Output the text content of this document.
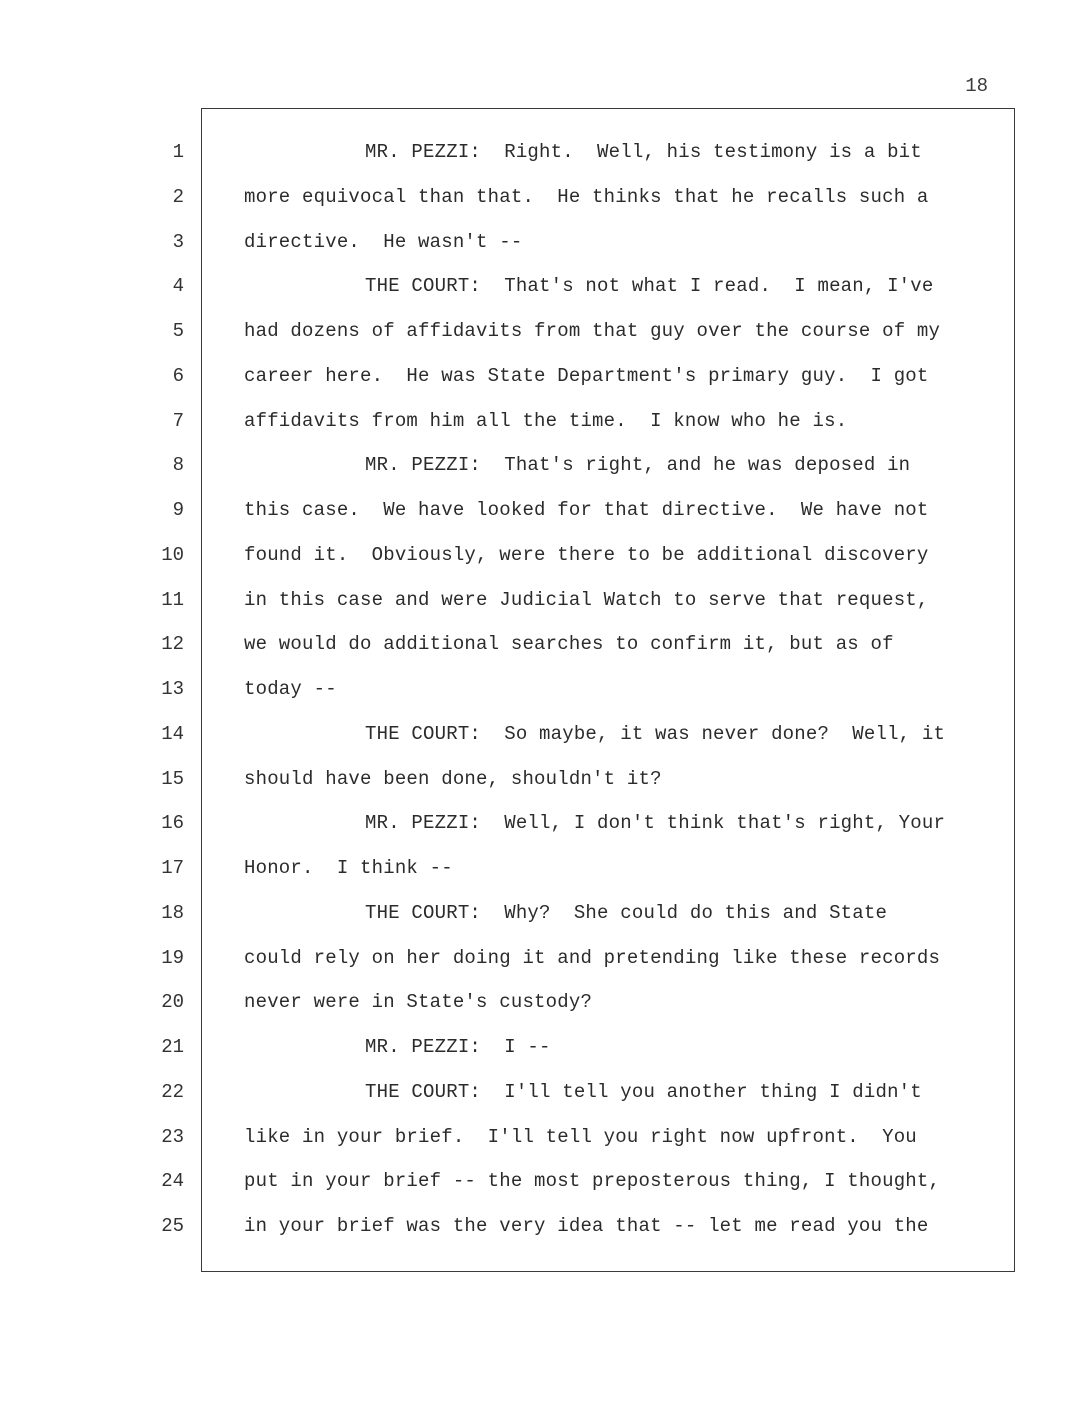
18
1
2
3
4
5
6
7
8
9
10
11
12
13
14
15
16
17
18
19
20
21
22
23
24
25
MR. PEZZI:  Right.  Well, his testimony is a bit
more equivocal than that.  He thinks that he recalls such a
directive.  He wasn't --
THE COURT:  That's not what I read.  I mean, I've
had dozens of affidavits from that guy over the course of my
career here.  He was State Department's primary guy.  I got
affidavits from him all the time.  I know who he is.
MR. PEZZI:  That's right, and he was deposed in
this case.  We have looked for that directive.  We have not
found it.  Obviously, were there to be additional discovery
in this case and were Judicial Watch to serve that request,
we would do additional searches to confirm it, but as of
today --
THE COURT:  So maybe, it was never done?  Well, it
should have been done, shouldn't it?
MR. PEZZI:  Well, I don't think that's right, Your
Honor.  I think --
THE COURT:  Why?  She could do this and State
could rely on her doing it and pretending like these records
never were in State's custody?
MR. PEZZI:  I --
THE COURT:  I'll tell you another thing I didn't
like in your brief.  I'll tell you right now upfront.  You
put in your brief -- the most preposterous thing, I thought,
in your brief was the very idea that -- let me read you the
